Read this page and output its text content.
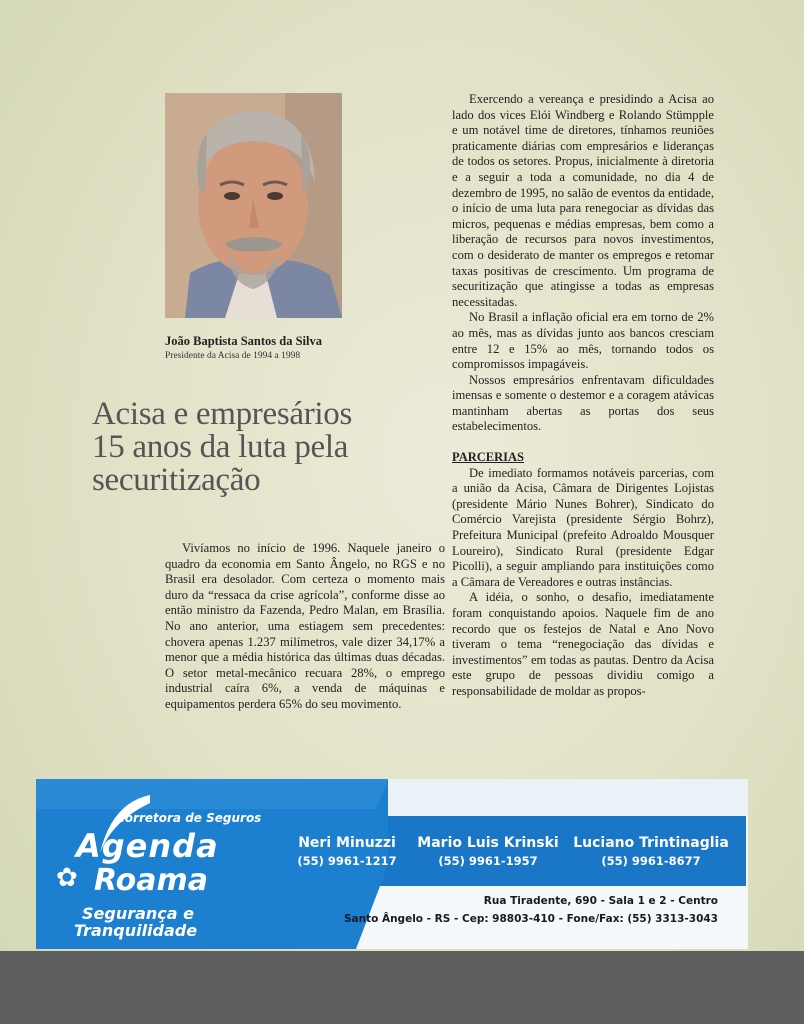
João Baptista Santos da Silva
Presidente da Acisa de 1994 a 1998
Acisa e empresários
15 anos da luta pela
securitização

Vivíamos no início de 1996. Naquele janeiro o quadro da economia em Santo Ângelo, no RGS e no Brasil era desolador. Com certeza o momento mais duro da “ressaca da crise agrícola”, conforme disse ao então ministro da Fazenda, Pedro Malan, em Brasília. No ano anterior, uma estiagem sem precedentes: chovera apenas 1.237 milímetros, vale dizer 34,17% a menor que a média histórica das últimas duas décadas. O setor metal-mecânico recuara 28%, o emprego industrial caíra 6%, a venda de máquinas e equipamentos perdera 65% do seu movimento.

Exercendo a vereança e presidindo a Acisa ao lado dos vices Elói Windberg e Rolando Stümpple e um notável time de diretores, tínhamos reuniões praticamente diárias com empresários e lideranças de todos os setores. Propus, inicialmente à diretoria e a seguir a toda a comunidade, no dia 4 de dezembro de 1995, no salão de eventos da entidade, o início de uma luta para renegociar as dívidas das micros, pequenas e médias empresas, bem como a liberação de recursos para novos investimentos, com o desiderato de manter os empregos e retomar taxas positivas de crescimento. Um programa de securitização que atingisse a todas as empresas necessitadas.

No Brasil a inflação oficial era em torno de 2% ao mês, mas as dívidas junto aos bancos cresciam entre 12 e 15% ao mês, tornando todos os compromissos impagáveis.

Nossos empresários enfrentavam dificuldades imensas e somente o destemor e a coragem atávicas mantinham abertas as portas dos seus estabelecimentos.

PARCERIAS

De imediato formamos notáveis parcerias, com a união da Acisa, Câmara de Dirigentes Lojistas (presidente Mário Nunes Bohrer), Sindicato do Comércio Varejista (presidente Sérgio Bohrz), Prefeitura Municipal (prefeito Adroaldo Mousquer Loureiro), Sindicato Rural (presidente Edgar Picolli), a seguir ampliando para instituições como a Câmara de Vereadores e outras instâncias.

A idéia, o sonho, o desafio, imediatamente foram conquistando apoios. Naquele fim de ano recordo que os festejos de Natal e Ano Novo tiveram o tema “renegociação das dívidas e investimentos” em todas as pautas. Dentro da Acisa este grupo de pessoas dividiu comigo a responsabilidade de moldar as propos-

✿
Corretora de Seguros
Agenda
Roama
Segurança e
Tranquilidade
Neri Minuzzi
(55) 9961-1217
Mario Luis Krinski
(55) 9961-1957
Luciano Trintinaglia
(55) 9961-8677
Rua Tiradente, 690 - Sala 1 e 2 - Centro
Santo Ângelo - RS - Cep: 98803-410 - Fone/Fax: (55) 3313-3043
